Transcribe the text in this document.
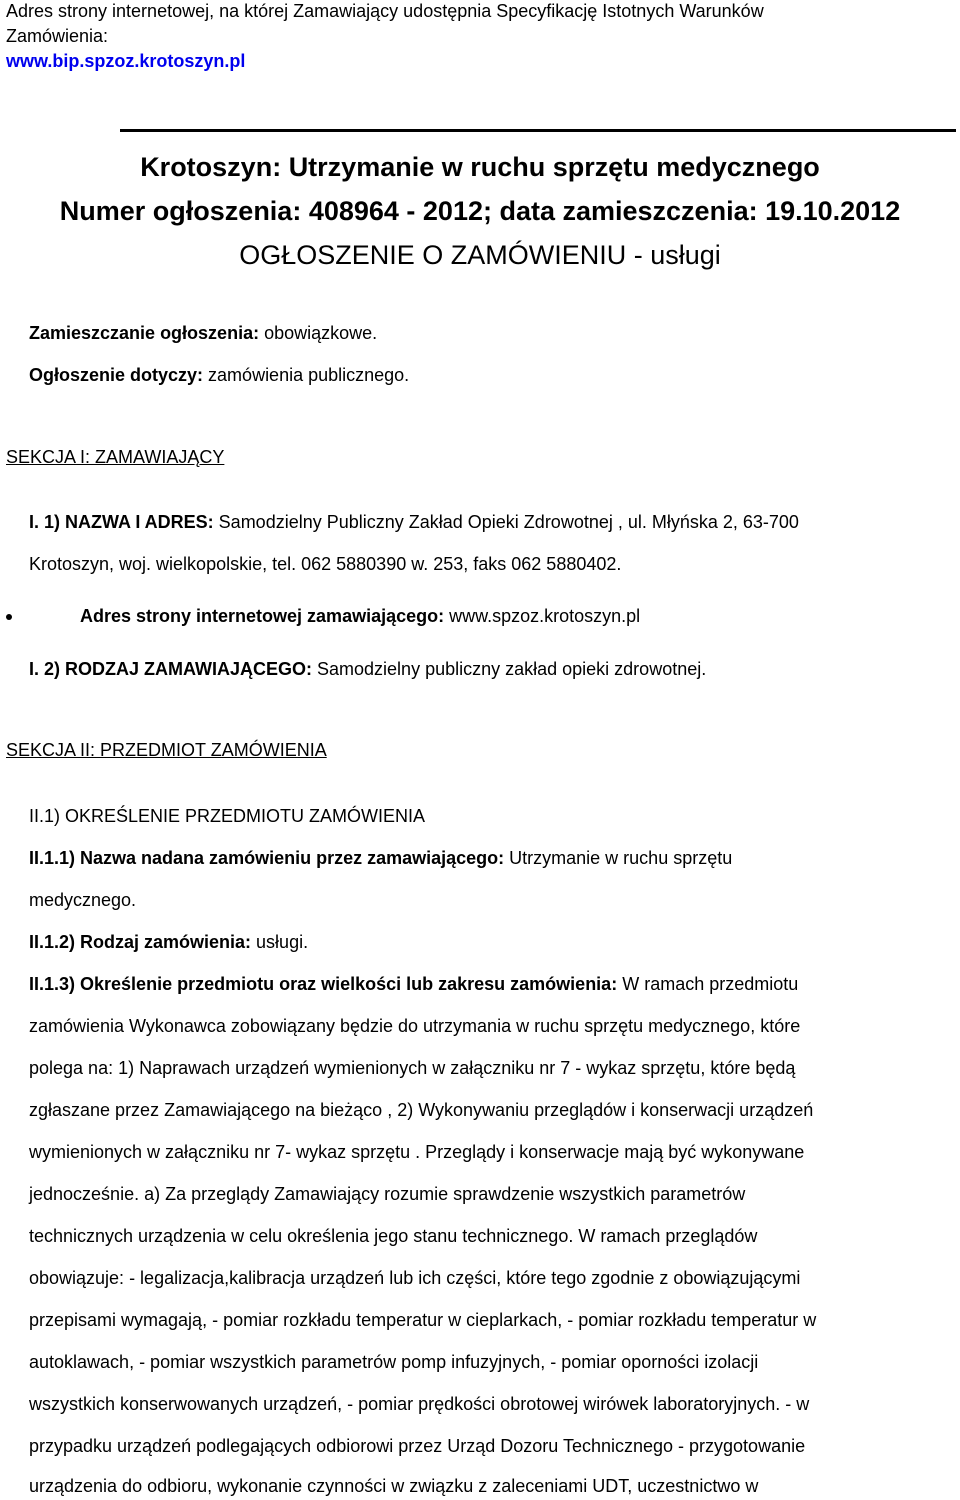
Adres strony internetowej, na której Zamawiający udostępnia Specyfikację Istotnych Warunków
Zamówienia:
www.bip.spzoz.krotoszyn.pl
Krotoszyn: Utrzymanie w ruchu sprzętu medycznego
Numer ogłoszenia: 408964 - 2012; data zamieszczenia: 19.10.2012
OGŁOSZENIE O ZAMÓWIENIU - usługi
Zamieszczanie ogłoszenia: obowiązkowe.
Ogłoszenie dotyczy: zamówienia publicznego.
SEKCJA I: ZAMAWIAJĄCY
I. 1) NAZWA I ADRES: Samodzielny Publiczny Zakład Opieki Zdrowotnej , ul. Młyńska 2, 63-700
Krotoszyn, woj. wielkopolskie, tel. 062 5880390 w. 253, faks 062 5880402.
Adres strony internetowej zamawiającego: www.spzoz.krotoszyn.pl
I. 2) RODZAJ ZAMAWIAJĄCEGO: Samodzielny publiczny zakład opieki zdrowotnej.
SEKCJA II: PRZEDMIOT ZAMÓWIENIA
II.1) OKREŚLENIE PRZEDMIOTU ZAMÓWIENIA
II.1.1) Nazwa nadana zamówieniu przez zamawiającego: Utrzymanie w ruchu sprzętu
medycznego.
II.1.2) Rodzaj zamówienia: usługi.
II.1.3) Określenie przedmiotu oraz wielkości lub zakresu zamówienia: W ramach przedmiotu
zamówienia Wykonawca zobowiązany będzie do utrzymania w ruchu sprzętu medycznego, które
polega na: 1) Naprawach urządzeń wymienionych w załączniku nr 7 - wykaz sprzętu, które będą
zgłaszane przez Zamawiającego na bieżąco , 2) Wykonywaniu przeglądów i konserwacji urządzeń
wymienionych w załączniku nr 7- wykaz sprzętu . Przeglądy i konserwacje mają być wykonywane
jednocześnie. a) Za przeglądy Zamawiający rozumie sprawdzenie wszystkich parametrów
technicznych urządzenia w celu określenia jego stanu technicznego. W ramach przeglądów
obowiązuje: - legalizacja,kalibracja urządzeń lub ich części, które tego zgodnie z obowiązującymi
przepisami wymagają, - pomiar rozkładu temperatur w cieplarkach, - pomiar rozkładu temperatur w
autoklawach, - pomiar wszystkich parametrów pomp infuzyjnych, - pomiar oporności izolacji
wszystkich konserwowanych urządzeń, - pomiar prędkości obrotowej wirówek laboratoryjnych. - w
przypadku urządzeń podlegających odbiorowi przez Urząd Dozoru Technicznego - przygotowanie
urządzenia do odbioru, wykonanie czynności w związku z zaleceniami UDT, uczestnictwo w
